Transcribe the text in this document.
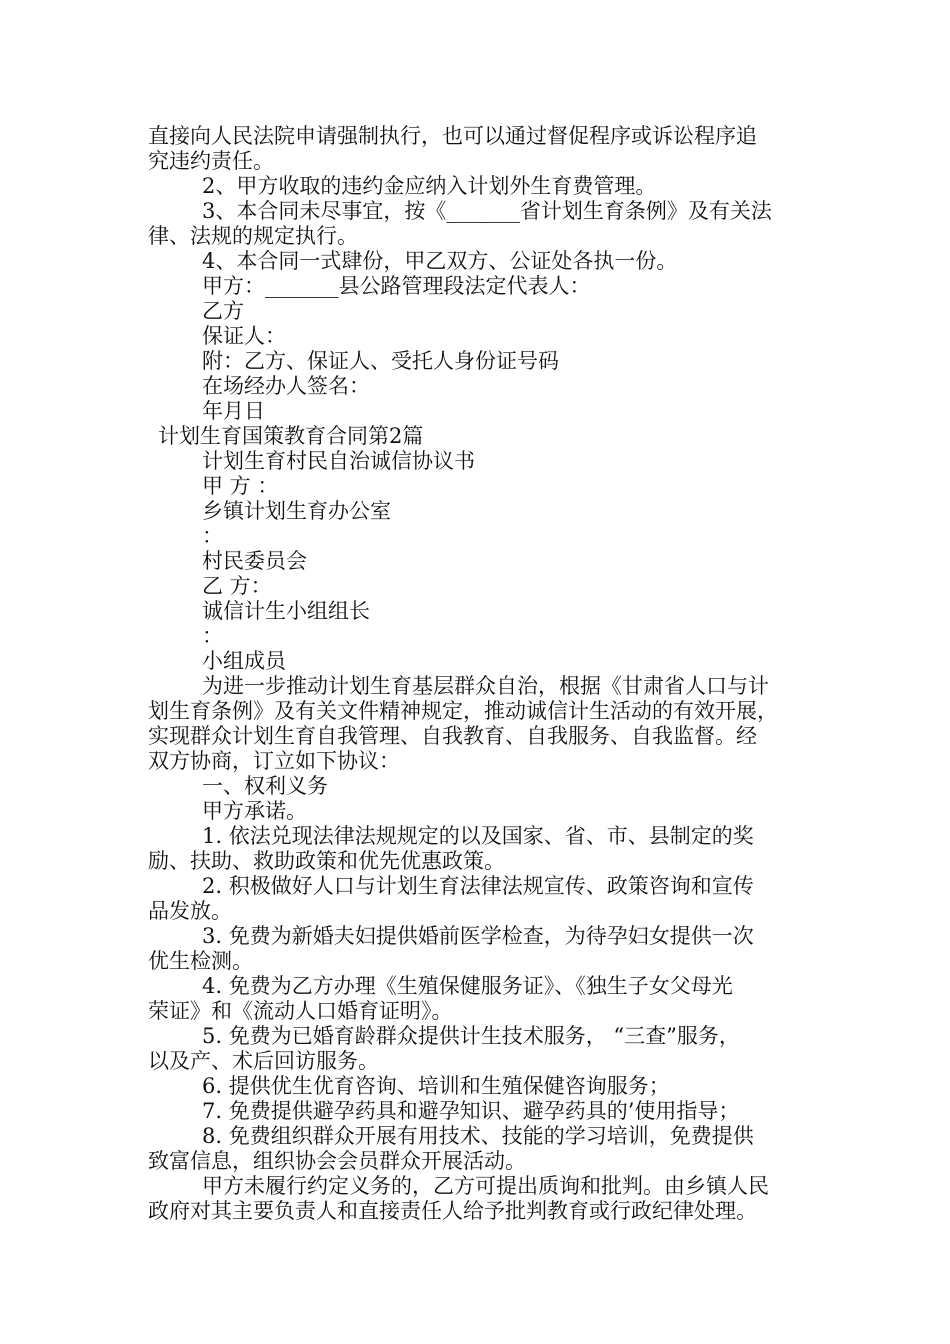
直接向人民法院申请强制执行，也可以通过督促程序或诉讼程序追
究违约责任。
2、甲方收取的违约金应纳入计划外生育费管理。
3、本合同未尽事宜，按《_______省计划生育条例》及有关法
律、法规的规定执行。
4、本合同一式肆份，甲乙双方、公证处各执一份。
甲方：_______县公路管理段法定代表人：
乙方
保证人：
附：乙方、保证人、受托人身份证号码
在场经办人签名：
年月日
计划生育国策教育合同第2篇
计划生育村民自治诚信协议书
甲 方 ：
乡镇计划生育办公室
：
村民委员会
乙 方：
诚信计生小组组长
：
小组成员
为进一步推动计划生育基层群众自治，根据《甘肃省人口与计
划生育条例》及有关文件精神规定，推动诚信计生活动的有效开展，
实现群众计划生育自我管理、自我教育、自我服务、自我监督。经
双方协商，订立如下协议：
一、权利义务
甲方承诺。
1. 依法兑现法律法规规定的以及国家、省、市、县制定的奖
励、扶助、救助政策和优先优惠政策。
2. 积极做好人口与计划生育法律法规宣传、政策咨询和宣传
品发放。
3. 免费为新婚夫妇提供婚前医学检查，为待孕妇女提供一次
优生检测。
4. 免费为乙方办理《生殖保健服务证》、《独生子女父母光
荣证》和《流动人口婚育证明》。
5. 免费为已婚育龄群众提供计生技术服务， “三查”服务，
以及产、术后回访服务。
6. 提供优生优育咨询、培训和生殖保健咨询服务；
7. 免费提供避孕药具和避孕知识、避孕药具的’使用指导；
8. 免费组织群众开展有用技术、技能的学习培训，免费提供
致富信息，组织协会会员群众开展活动。
甲方未履行约定义务的，乙方可提出质询和批判。由乡镇人民
政府对其主要负责人和直接责任人给予批判教育或行政纪律处理。
